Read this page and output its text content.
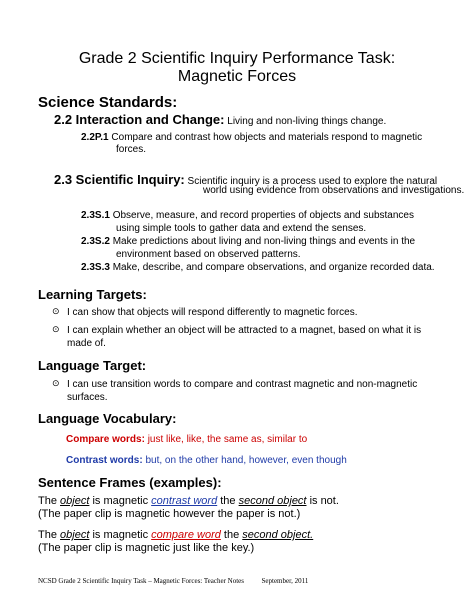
Grade 2 Scientific Inquiry Performance Task:
Magnetic Forces
Science Standards:
2.2 Interaction and Change: Living and non-living things change.
2.2P.1 Compare and contrast how objects and materials respond to magnetic
forces.
2.3 Scientific Inquiry: Scientific inquiry is a process used to explore the natural
world using evidence from observations and investigations.
2.3S.1 Observe, measure, and record properties of objects and substances
using simple tools to gather data and extend the senses.
2.3S.2 Make predictions about living and non-living things and events in the
environment based on observed patterns.
2.3S.3 Make, describe, and compare observations, and organize recorded data.
Learning Targets:
⊙ I can show that objects will respond differently to magnetic forces.
⊙ I can explain whether an object will be attracted to a magnet, based on what it is
made of.
Language Target:
⊙ I can use transition words to compare and contrast magnetic and non-magnetic
surfaces.
Language Vocabulary:
Compare words: just like, like, the same as, similar to
Contrast words: but, on the other hand, however, even though
Sentence Frames (examples):
The object is magnetic contrast word the second object is not.
(The paper clip is magnetic however the paper is not.)
The object is magnetic compare word the second object.
(The paper clip is magnetic just like the key.)
NCSD Grade 2 Scientific Inquiry Task – Magnetic Forces: Teacher Notes	September, 2011
